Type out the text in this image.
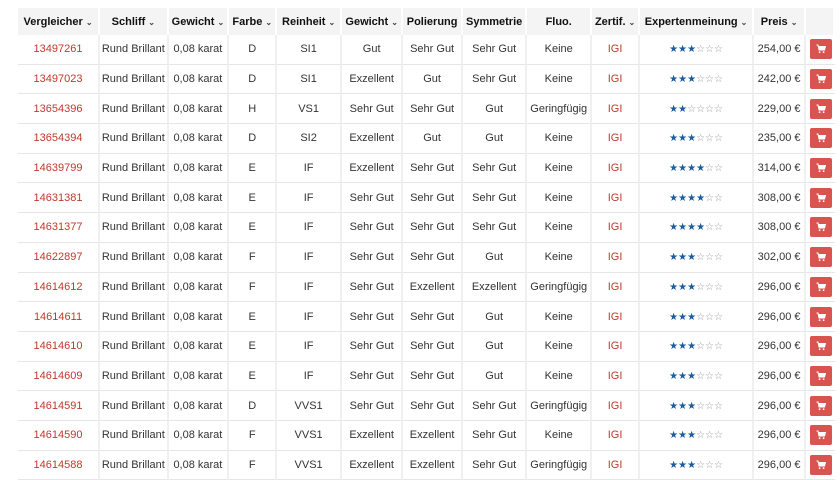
Vergleicher ⌄	Schliff ⌄	Gewicht ⌄	Farbe ⌄	Reinheit ⌄	Gewicht ⌄	Polierung	Symmetrie	Fluo.	Zertif. ⌄	Expertenmeinung ⌄	Preis ⌄	
13497261	Rund Brillant	0,08 karat	D	SI1	Gut	Sehr Gut	Sehr Gut	Keine	IGI	★★★☆☆☆	254,00 €	

13497023	Rund Brillant	0,08 karat	D	SI1	Exzellent	Gut	Sehr Gut	Keine	IGI	★★★☆☆☆	242,00 €	

13654396	Rund Brillant	0,08 karat	H	VS1	Sehr Gut	Sehr Gut	Gut	Geringfügig	IGI	★★☆☆☆☆	229,00 €	

13654394	Rund Brillant	0,08 karat	D	SI2	Exzellent	Gut	Gut	Keine	IGI	★★★☆☆☆	235,00 €	

14639799	Rund Brillant	0,08 karat	E	IF	Exzellent	Sehr Gut	Sehr Gut	Keine	IGI	★★★★☆☆	314,00 €	

14631381	Rund Brillant	0,08 karat	E	IF	Sehr Gut	Sehr Gut	Sehr Gut	Keine	IGI	★★★★☆☆	308,00 €	

14631377	Rund Brillant	0,08 karat	E	IF	Sehr Gut	Sehr Gut	Sehr Gut	Keine	IGI	★★★★☆☆	308,00 €	

14622897	Rund Brillant	0,08 karat	F	IF	Sehr Gut	Sehr Gut	Gut	Keine	IGI	★★★☆☆☆	302,00 €	

14614612	Rund Brillant	0,08 karat	F	IF	Sehr Gut	Exzellent	Exzellent	Geringfügig	IGI	★★★☆☆☆	296,00 €	

14614611	Rund Brillant	0,08 karat	E	IF	Sehr Gut	Sehr Gut	Gut	Keine	IGI	★★★☆☆☆	296,00 €	

14614610	Rund Brillant	0,08 karat	E	IF	Sehr Gut	Sehr Gut	Gut	Keine	IGI	★★★☆☆☆	296,00 €	

14614609	Rund Brillant	0,08 karat	E	IF	Sehr Gut	Sehr Gut	Gut	Keine	IGI	★★★☆☆☆	296,00 €	

14614591	Rund Brillant	0,08 karat	D	VVS1	Sehr Gut	Sehr Gut	Sehr Gut	Geringfügig	IGI	★★★☆☆☆	296,00 €	

14614590	Rund Brillant	0,08 karat	F	VVS1	Exzellent	Exzellent	Sehr Gut	Keine	IGI	★★★☆☆☆	296,00 €	

14614588	Rund Brillant	0,08 karat	F	VVS1	Exzellent	Exzellent	Sehr Gut	Geringfügig	IGI	★★★☆☆☆	296,00 €	
